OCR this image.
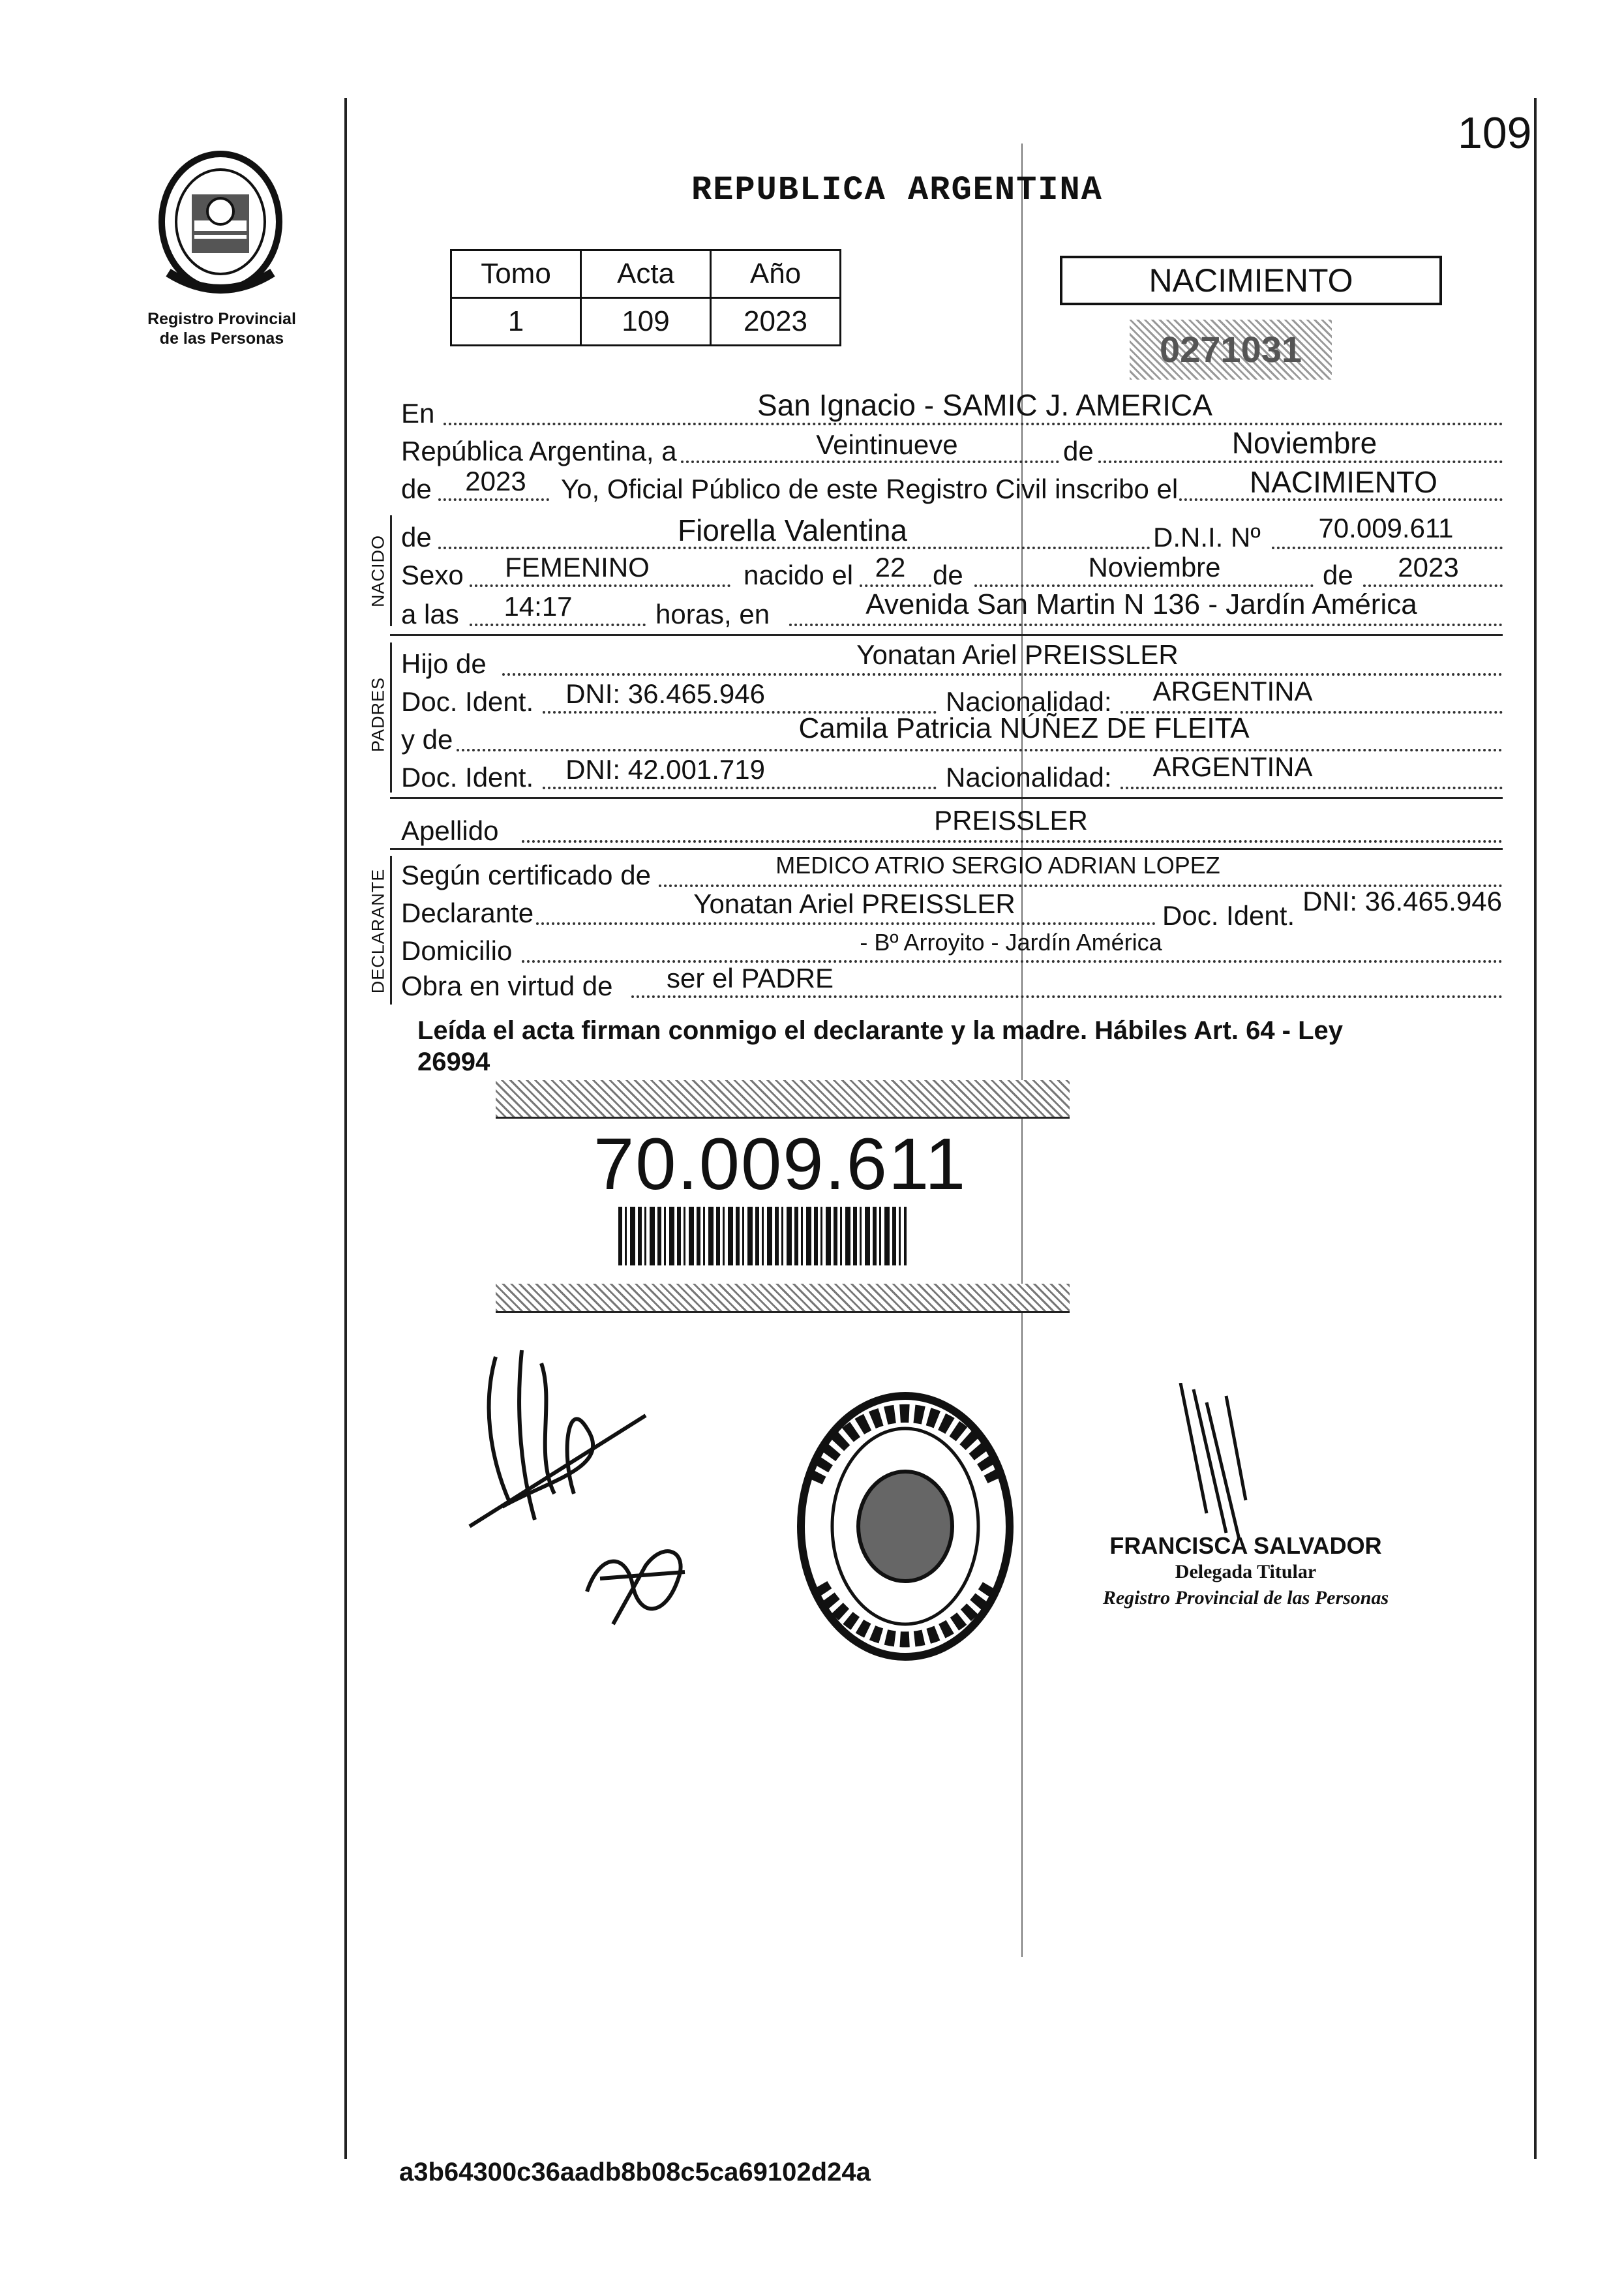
109
Registro Provincial
de las Personas
REPUBLICA ARGENTINA
Tomo	Acta	Año
1	109	2023
NACIMIENTO
0271031
En	San Ignacio - SAMIC J. AMERICA
República Argentina, a	Veintinueve	de	Noviembre
de	2023	Yo, Oficial Público de este Registro Civil inscribo el	NACIMIENTO
NACIDO de	Fiorella Valentina	D.N.I. Nº	70.009.611
Sexo	FEMENINO	nacido el 22 de	Noviembre	de	2023
a las	14:17	horas, en	Avenida San Martin N 136 - Jardín América
PADRES
Hijo de	Yonatan Ariel PREISSLER
Doc. Ident.	DNI: 36.465.946	Nacionalidad:	ARGENTINA
y de	Camila Patricia NÚÑEZ DE FLEITA
Doc. Ident.	DNI: 42.001.719	Nacionalidad:	ARGENTINA
Apellido	PREISSLER
DECLARANTE Según certificado de	MEDICO ATRIO SERGIO ADRIAN LOPEZ
Declarante	Yonatan Ariel PREISSLER	Doc. Ident. DNI: 36.465.946
Domicilio	- Bº Arroyito - Jardín América
Obra en virtud de	ser el PADRE
Leída el acta firman conmigo el declarante y la madre. Hábiles Art. 64 - Ley
26994
70.009.611
FRANCISCA SALVADOR
Delegada Titular
Registro Provincial de las Personas
a3b64300c36aadb8b08c5ca69102d24a
